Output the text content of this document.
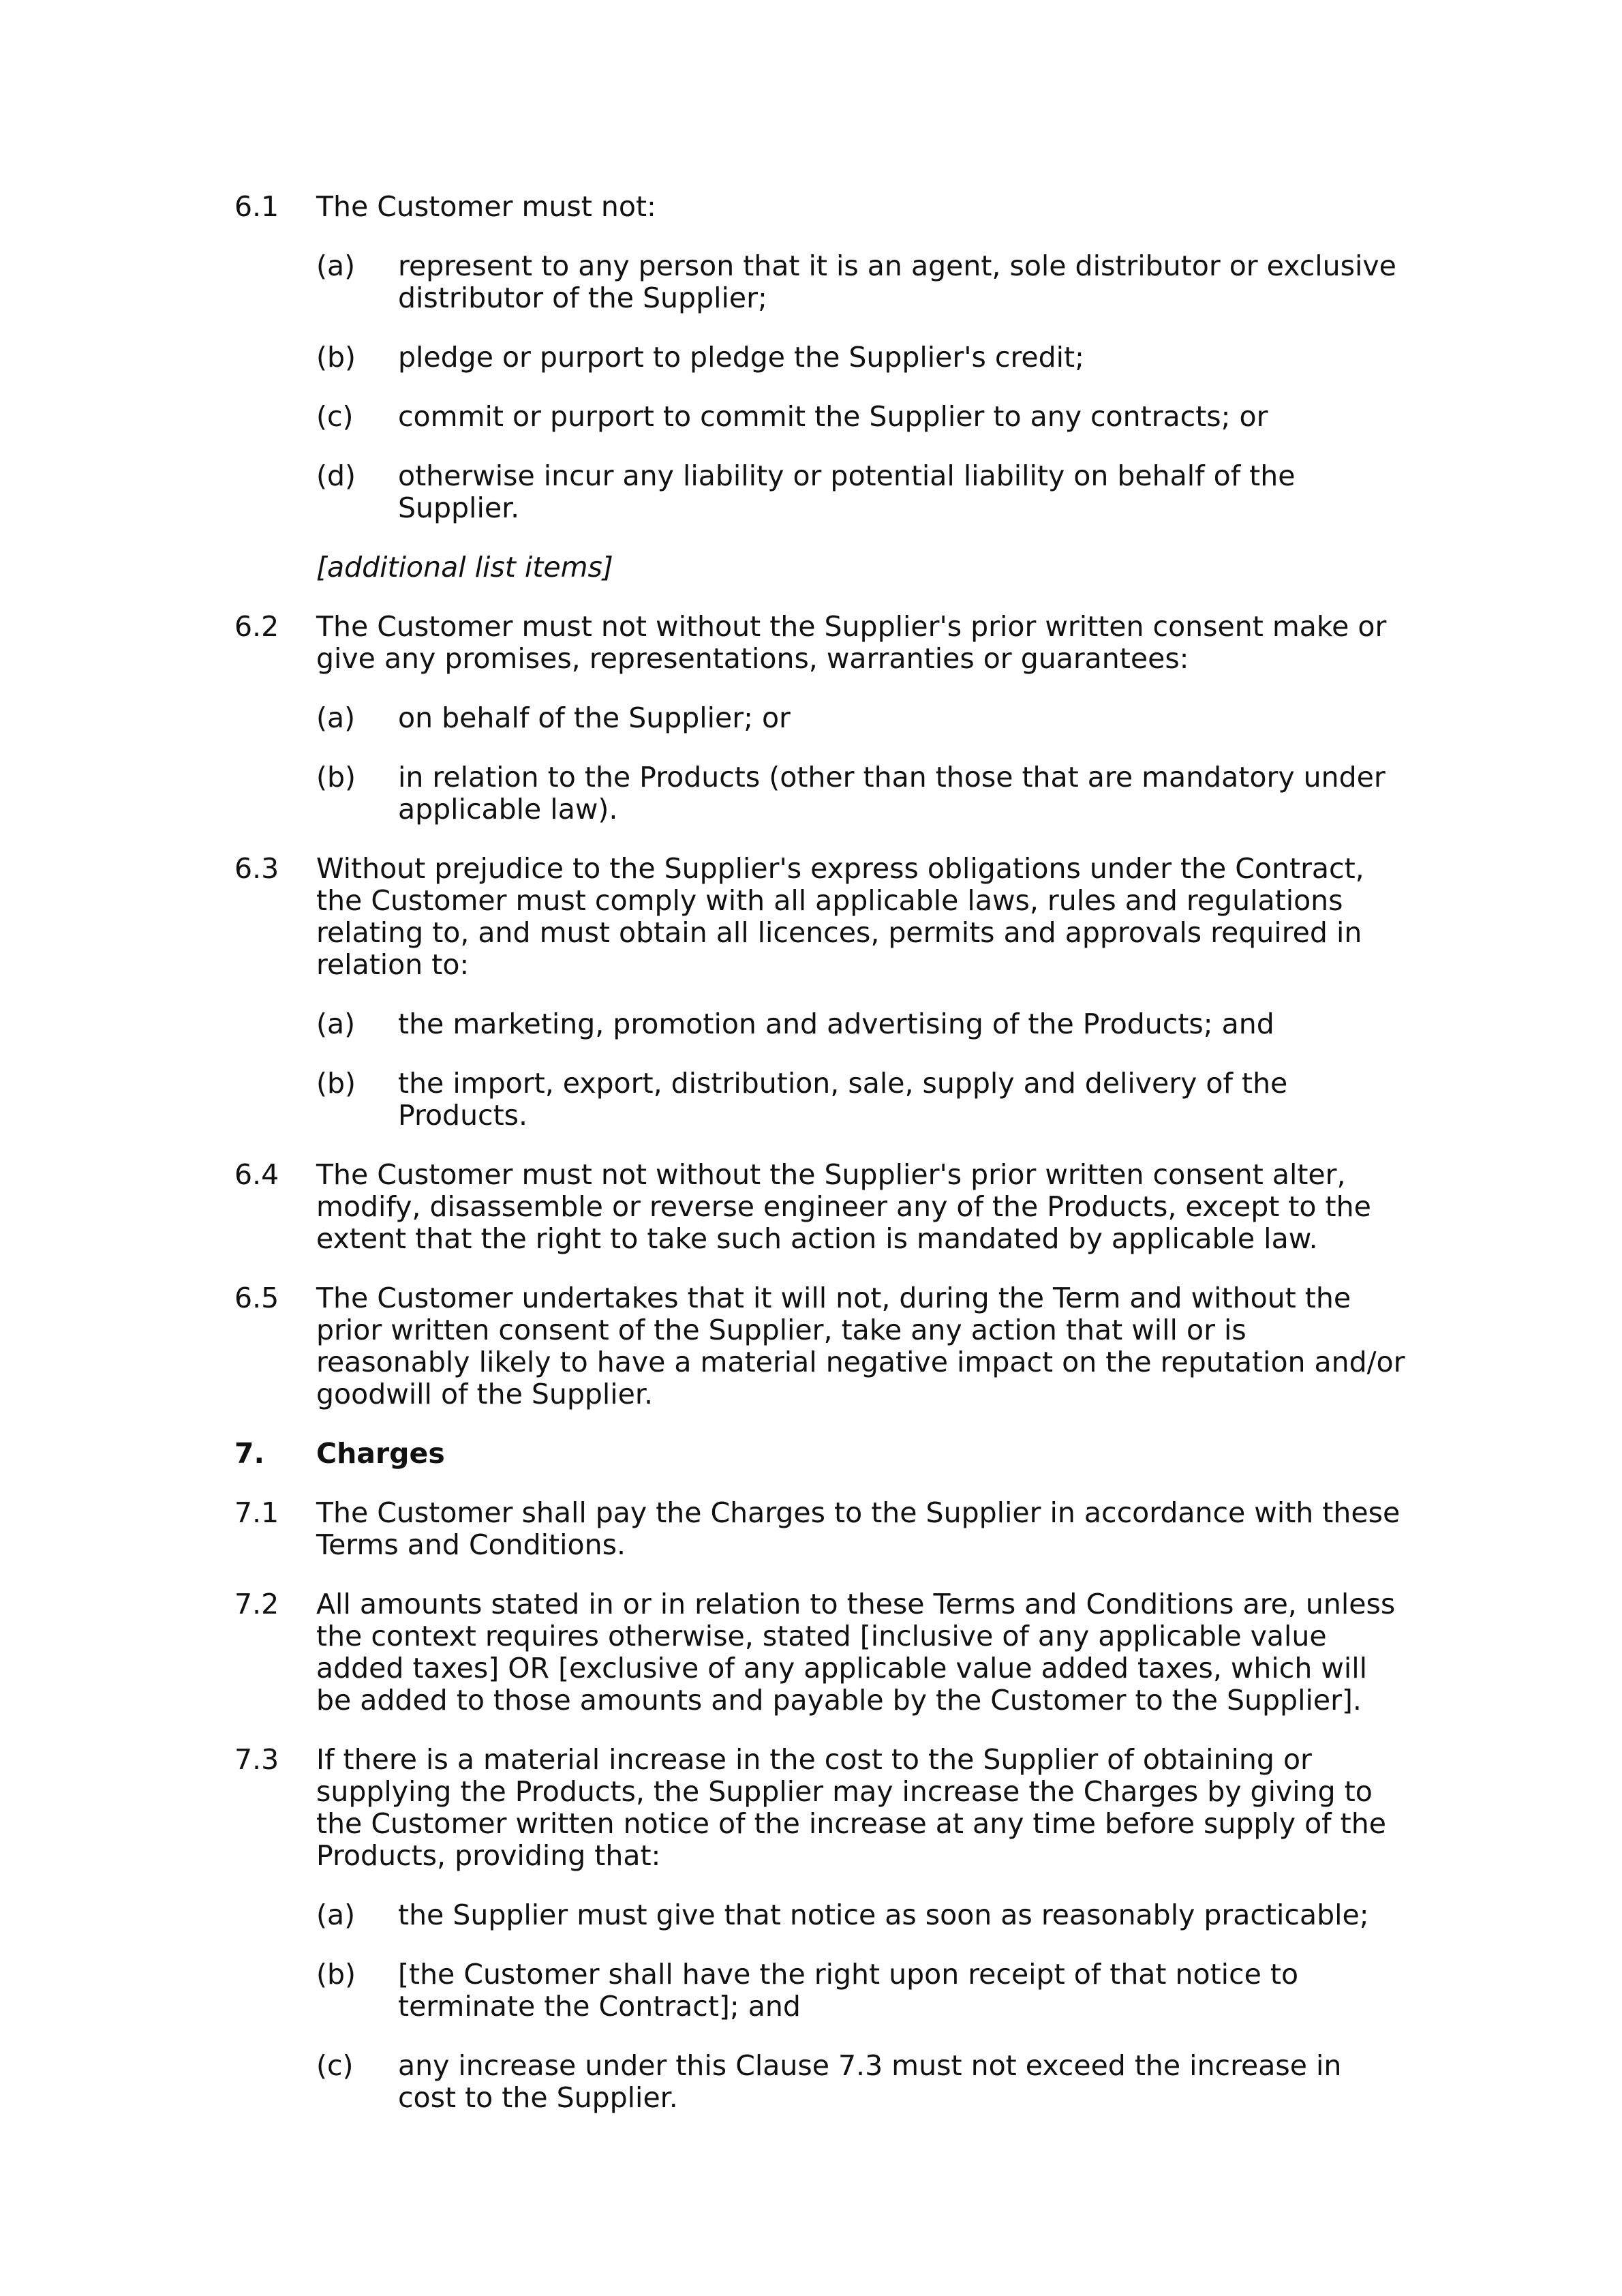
6.1	The Customer must not:
(a)	represent to any person that it is an agent, sole distributor or exclusive distributor of the Supplier;
(b)	pledge or purport to pledge the Supplier's credit;
(c)	commit or purport to commit the Supplier to any contracts; or
(d)	otherwise incur any liability or potential liability on behalf of the Supplier.
[additional list items]
6.2	The Customer must not without the Supplier's prior written consent make or give any promises, representations, warranties or guarantees:
(a)	on behalf of the Supplier; or
(b)	in relation to the Products (other than those that are mandatory under applicable law).
6.3	Without prejudice to the Supplier's express obligations under the Contract, the Customer must comply with all applicable laws, rules and regulations relating to, and must obtain all licences, permits and approvals required in relation to:
(a)	the marketing, promotion and advertising of the Products; and
(b)	the import, export, distribution, sale, supply and delivery of the Products.
6.4	The Customer must not without the Supplier's prior written consent alter, modify, disassemble or reverse engineer any of the Products, except to the extent that the right to take such action is mandated by applicable law.
6.5	The Customer undertakes that it will not, during the Term and without the prior written consent of the Supplier, take any action that will or is reasonably likely to have a material negative impact on the reputation and/or goodwill of the Supplier.
7.	Charges
7.1	The Customer shall pay the Charges to the Supplier in accordance with these Terms and Conditions.
7.2	All amounts stated in or in relation to these Terms and Conditions are, unless the context requires otherwise, stated [inclusive of any applicable value added taxes] OR [exclusive of any applicable value added taxes, which will be added to those amounts and payable by the Customer to the Supplier].
7.3	If there is a material increase in the cost to the Supplier of obtaining or supplying the Products, the Supplier may increase the Charges by giving to the Customer written notice of the increase at any time before supply of the Products, providing that:
(a)	the Supplier must give that notice as soon as reasonably practicable;
(b)	[the Customer shall have the right upon receipt of that notice to terminate the Contract]; and
(c)	any increase under this Clause 7.3 must not exceed the increase in cost to the Supplier.
